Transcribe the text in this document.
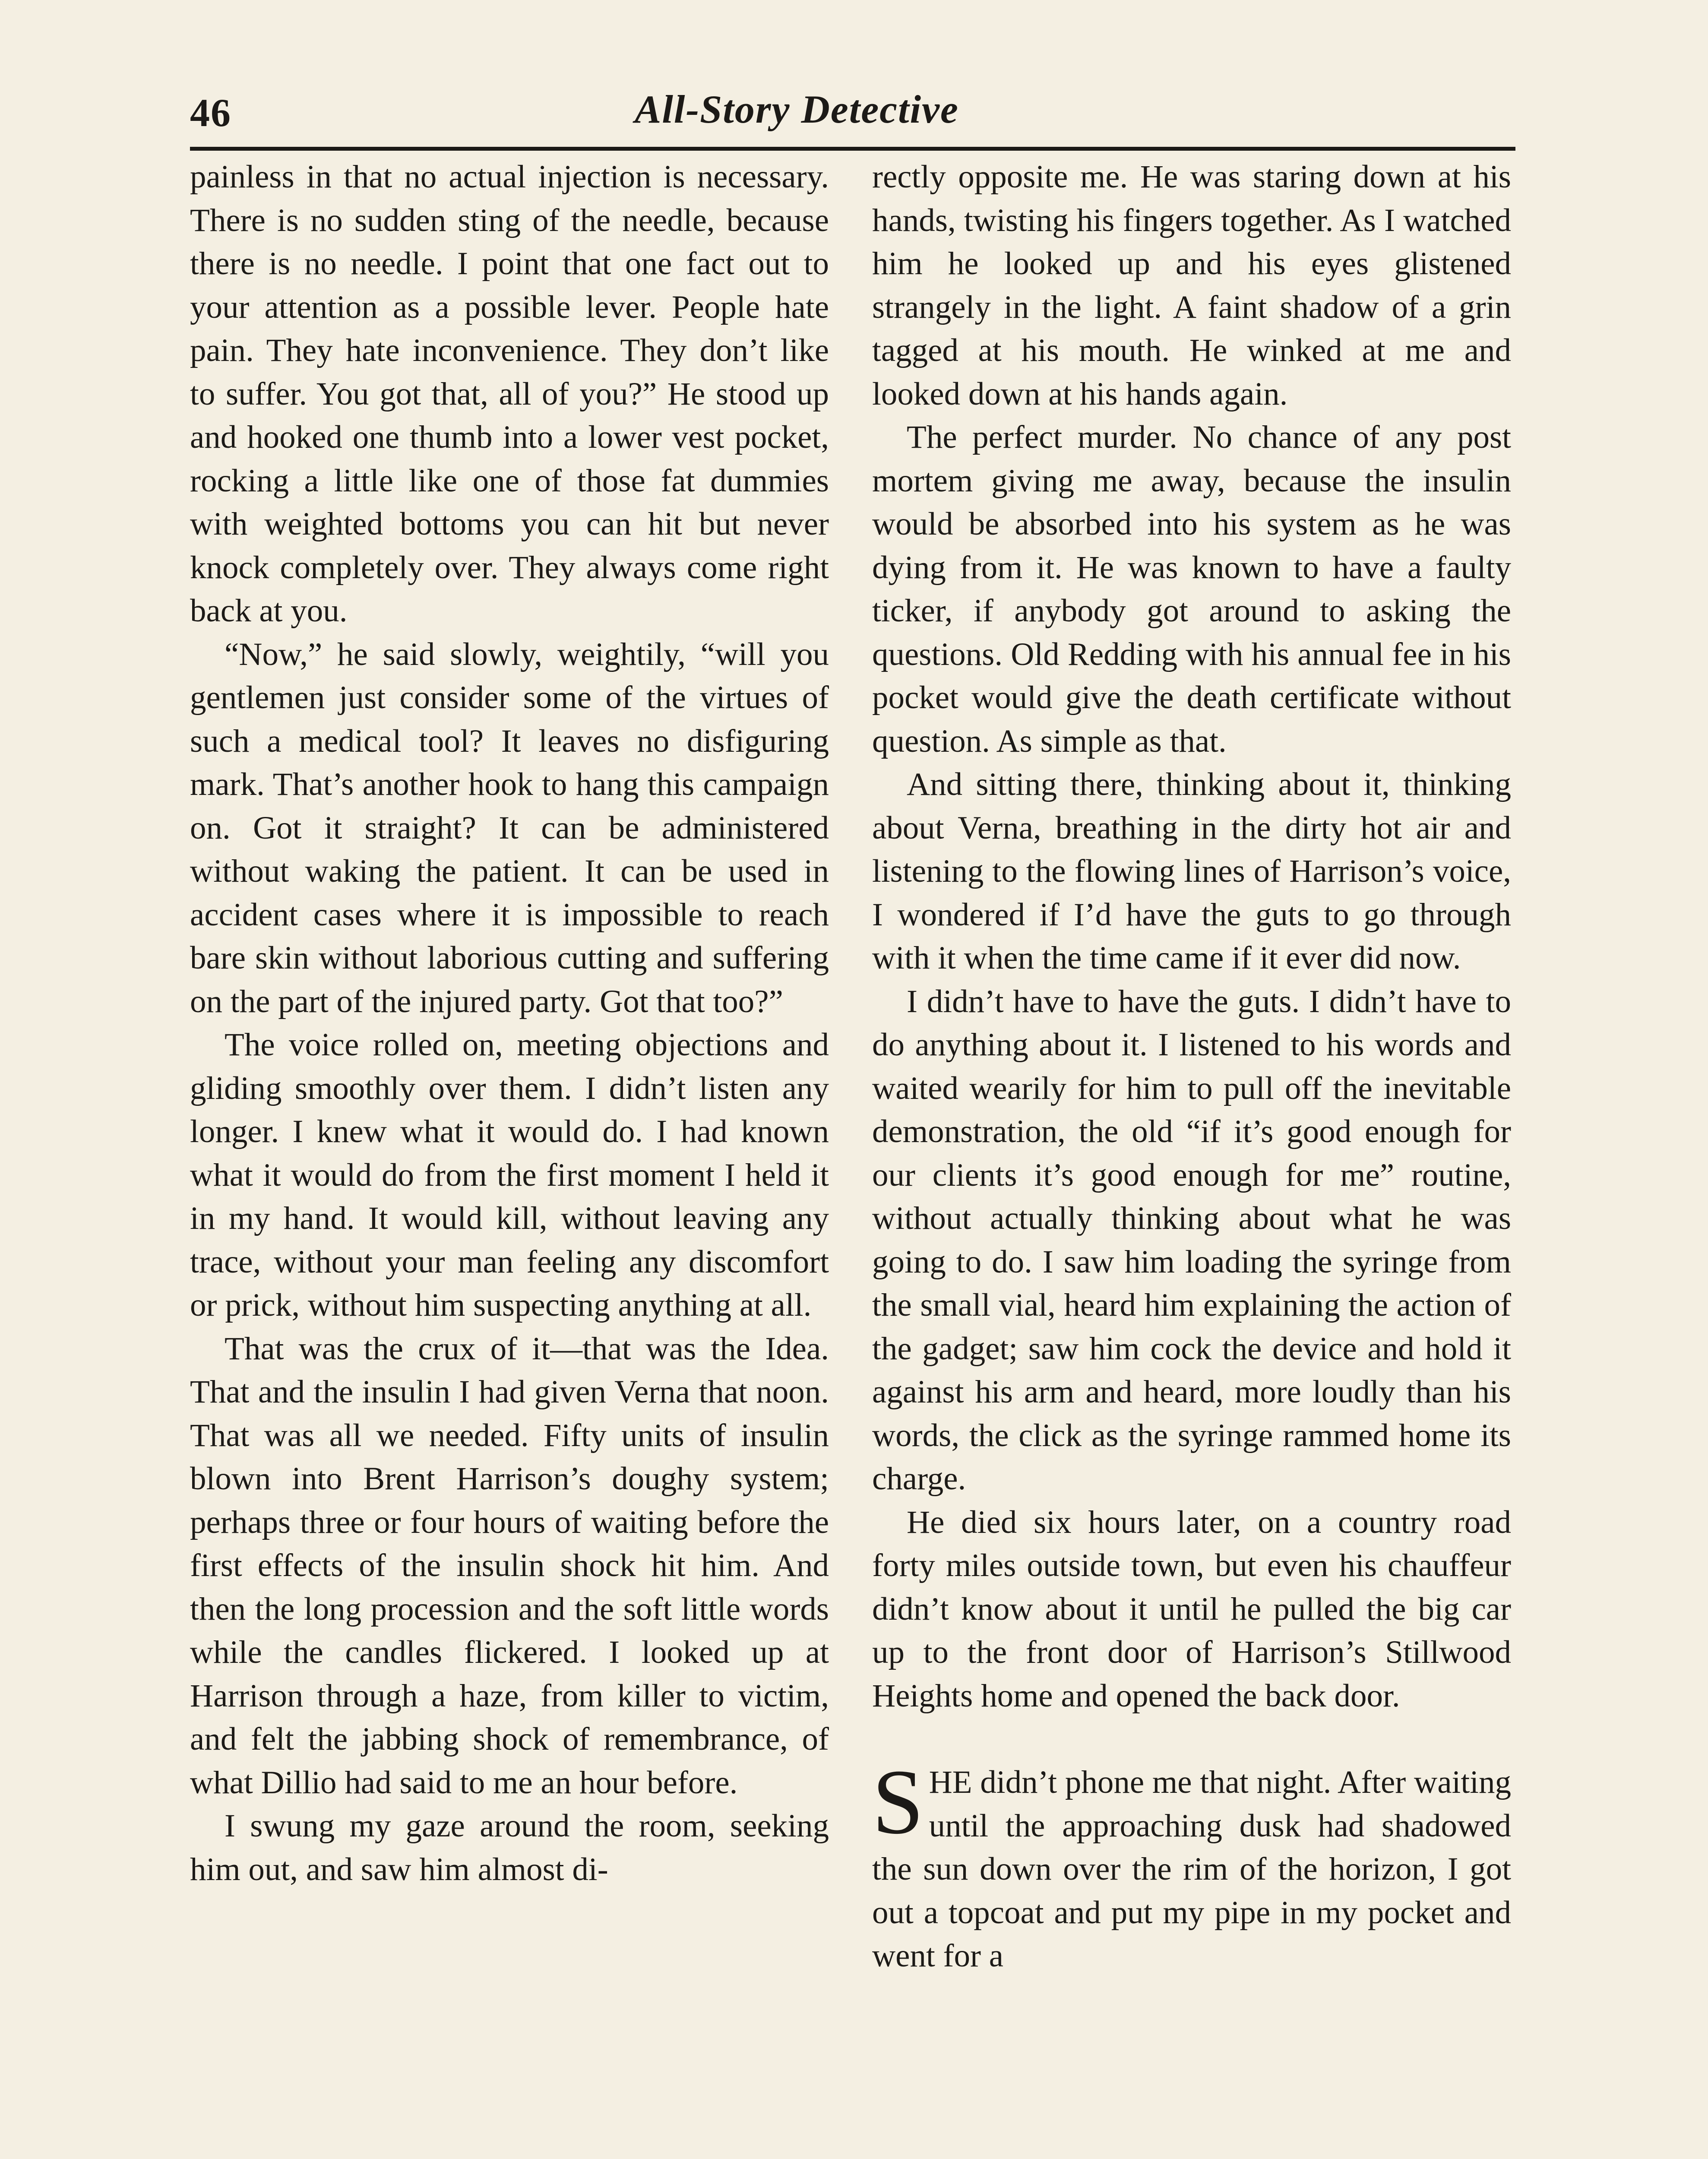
46	All-Story Detective

painless in that no actual injection is necessary. There is no sudden sting of the needle, because there is no needle. I point that one fact out to your attention as a possible lever. People hate pain. They hate inconvenience. They don’t like to suffer. You got that, all of you?” He stood up and hooked one thumb into a lower vest pocket, rocking a little like one of those fat dummies with weighted bottoms you can hit but never knock completely over. They always come right back at you.

“Now,” he said slowly, weightily, “will you gentlemen just consider some of the virtues of such a medical tool? It leaves no disfiguring mark. That’s another hook to hang this campaign on. Got it straight? It can be administered without waking the patient. It can be used in accident cases where it is impossible to reach bare skin without laborious cutting and suffering on the part of the injured party. Got that too?”

The voice rolled on, meeting objections and gliding smoothly over them. I didn’t listen any longer. I knew what it would do. I had known what it would do from the first moment I held it in my hand. It would kill, without leaving any trace, without your man feeling any discomfort or prick, without him suspecting anything at all.

That was the crux of it—that was the Idea. That and the insulin I had given Verna that noon. That was all we needed. Fifty units of insulin blown into Brent Harrison’s doughy system; perhaps three or four hours of waiting before the first effects of the insulin shock hit him. And then the long procession and the soft little words while the candles flickered. I looked up at Harrison through a haze, from killer to victim, and felt the jabbing shock of remembrance, of what Dillio had said to me an hour before.

I swung my gaze around the room, seeking him out, and saw him almost di-

rectly opposite me. He was staring down at his hands, twisting his fingers together. As I watched him he looked up and his eyes glistened strangely in the light. A faint shadow of a grin tagged at his mouth. He winked at me and looked down at his hands again.

The perfect murder. No chance of any post mortem giving me away, because the insulin would be absorbed into his system as he was dying from it. He was known to have a faulty ticker, if anybody got around to asking the questions. Old Redding with his annual fee in his pocket would give the death certificate without question. As simple as that.

And sitting there, thinking about it, thinking about Verna, breathing in the dirty hot air and listening to the flowing lines of Harrison’s voice, I wondered if I’d have the guts to go through with it when the time came if it ever did now.

I didn’t have to have the guts. I didn’t have to do anything about it. I listened to his words and waited wearily for him to pull off the inevitable demonstration, the old “if it’s good enough for our clients it’s good enough for me” routine, without actually thinking about what he was going to do. I saw him loading the syringe from the small vial, heard him explaining the action of the gadget; saw him cock the device and hold it against his arm and heard, more loudly than his words, the click as the syringe rammed home its charge.

He died six hours later, on a country road forty miles outside town, but even his chauffeur didn’t know about it until he pulled the big car up to the front door of Harrison’s Stillwood Heights home and opened the back door.

SHE didn’t phone me that night. After waiting until the approaching dusk had shadowed the sun down over the rim of the horizon, I got out a topcoat and put my pipe in my pocket and went for a
